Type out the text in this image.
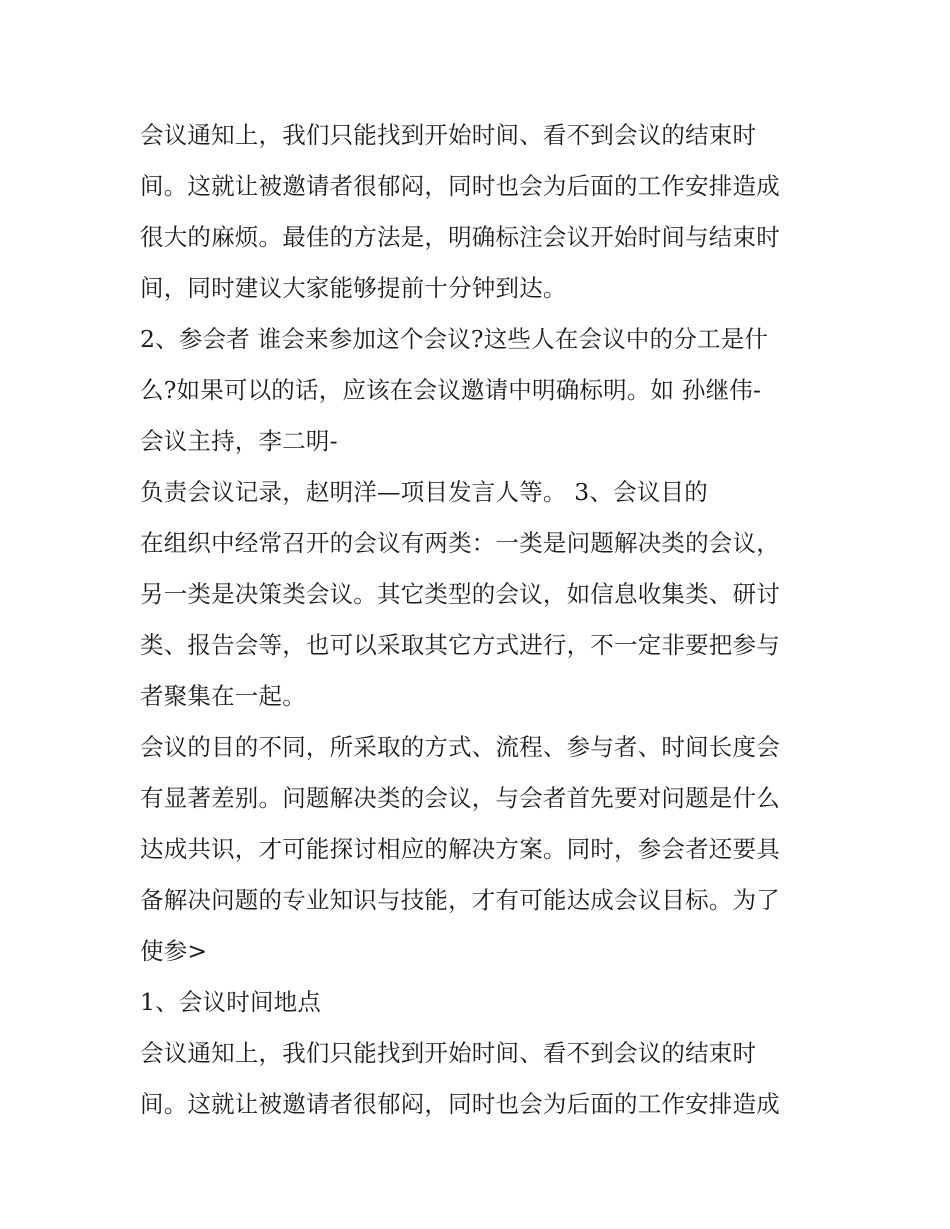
会议通知上，我们只能找到开始时间、看不到会议的结束时
间。这就让被邀请者很郁闷，同时也会为后面的工作安排造成
很大的麻烦。最佳的方法是，明确标注会议开始时间与结束时
间，同时建议大家能够提前十分钟到达。
2、参会者 谁会来参加这个会议?这些人在会议中的分工是什
么?如果可以的话，应该在会议邀请中明确标明。如 孙继伟-
会议主持，李二明-
负责会议记录，赵明洋—项目发言人等。 3、会议目的
在组织中经常召开的会议有两类：一类是问题解决类的会议，
另一类是决策类会议。其它类型的会议，如信息收集类、研讨
类、报告会等，也可以采取其它方式进行，不一定非要把参与
者聚集在一起。
会议的目的不同，所采取的方式、流程、参与者、时间长度会
有显著差别。问题解决类的会议，与会者首先要对问题是什么
达成共识，才可能探讨相应的解决方案。同时，参会者还要具
备解决问题的专业知识与技能，才有可能达成会议目标。为了
使参>
1、会议时间地点
会议通知上，我们只能找到开始时间、看不到会议的结束时
间。这就让被邀请者很郁闷，同时也会为后面的工作安排造成
